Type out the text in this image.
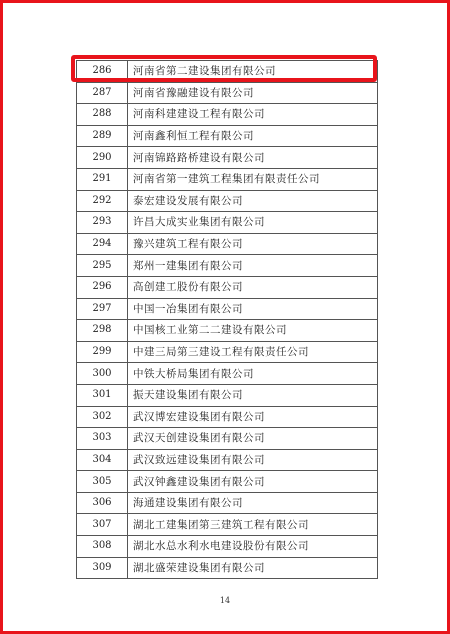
286	河南省第二建设集团有限公司
287	河南省豫融建设有限公司
288	河南科建建设工程有限公司
289	河南鑫利恒工程有限公司
290	河南锦路路桥建设有限公司
291	河南省第一建筑工程集团有限责任公司
292	泰宏建设发展有限公司
293	许昌大成实业集团有限公司
294	豫兴建筑工程有限公司
295	郑州一建集团有限公司
296	高创建工股份有限公司
297	中国一冶集团有限公司
298	中国核工业第二二建设有限公司
299	中建三局第三建设工程有限责任公司
300	中铁大桥局集团有限公司
301	振天建设集团有限公司
302	武汉博宏建设集团有限公司
303	武汉天创建设集团有限公司
304	武汉致远建设集团有限公司
305	武汉钟鑫建设集团有限公司
306	海通建设集团有限公司
307	湖北工建集团第三建筑工程有限公司
308	湖北水总水利水电建设股份有限公司
309	湖北盛荣建设集团有限公司
14
